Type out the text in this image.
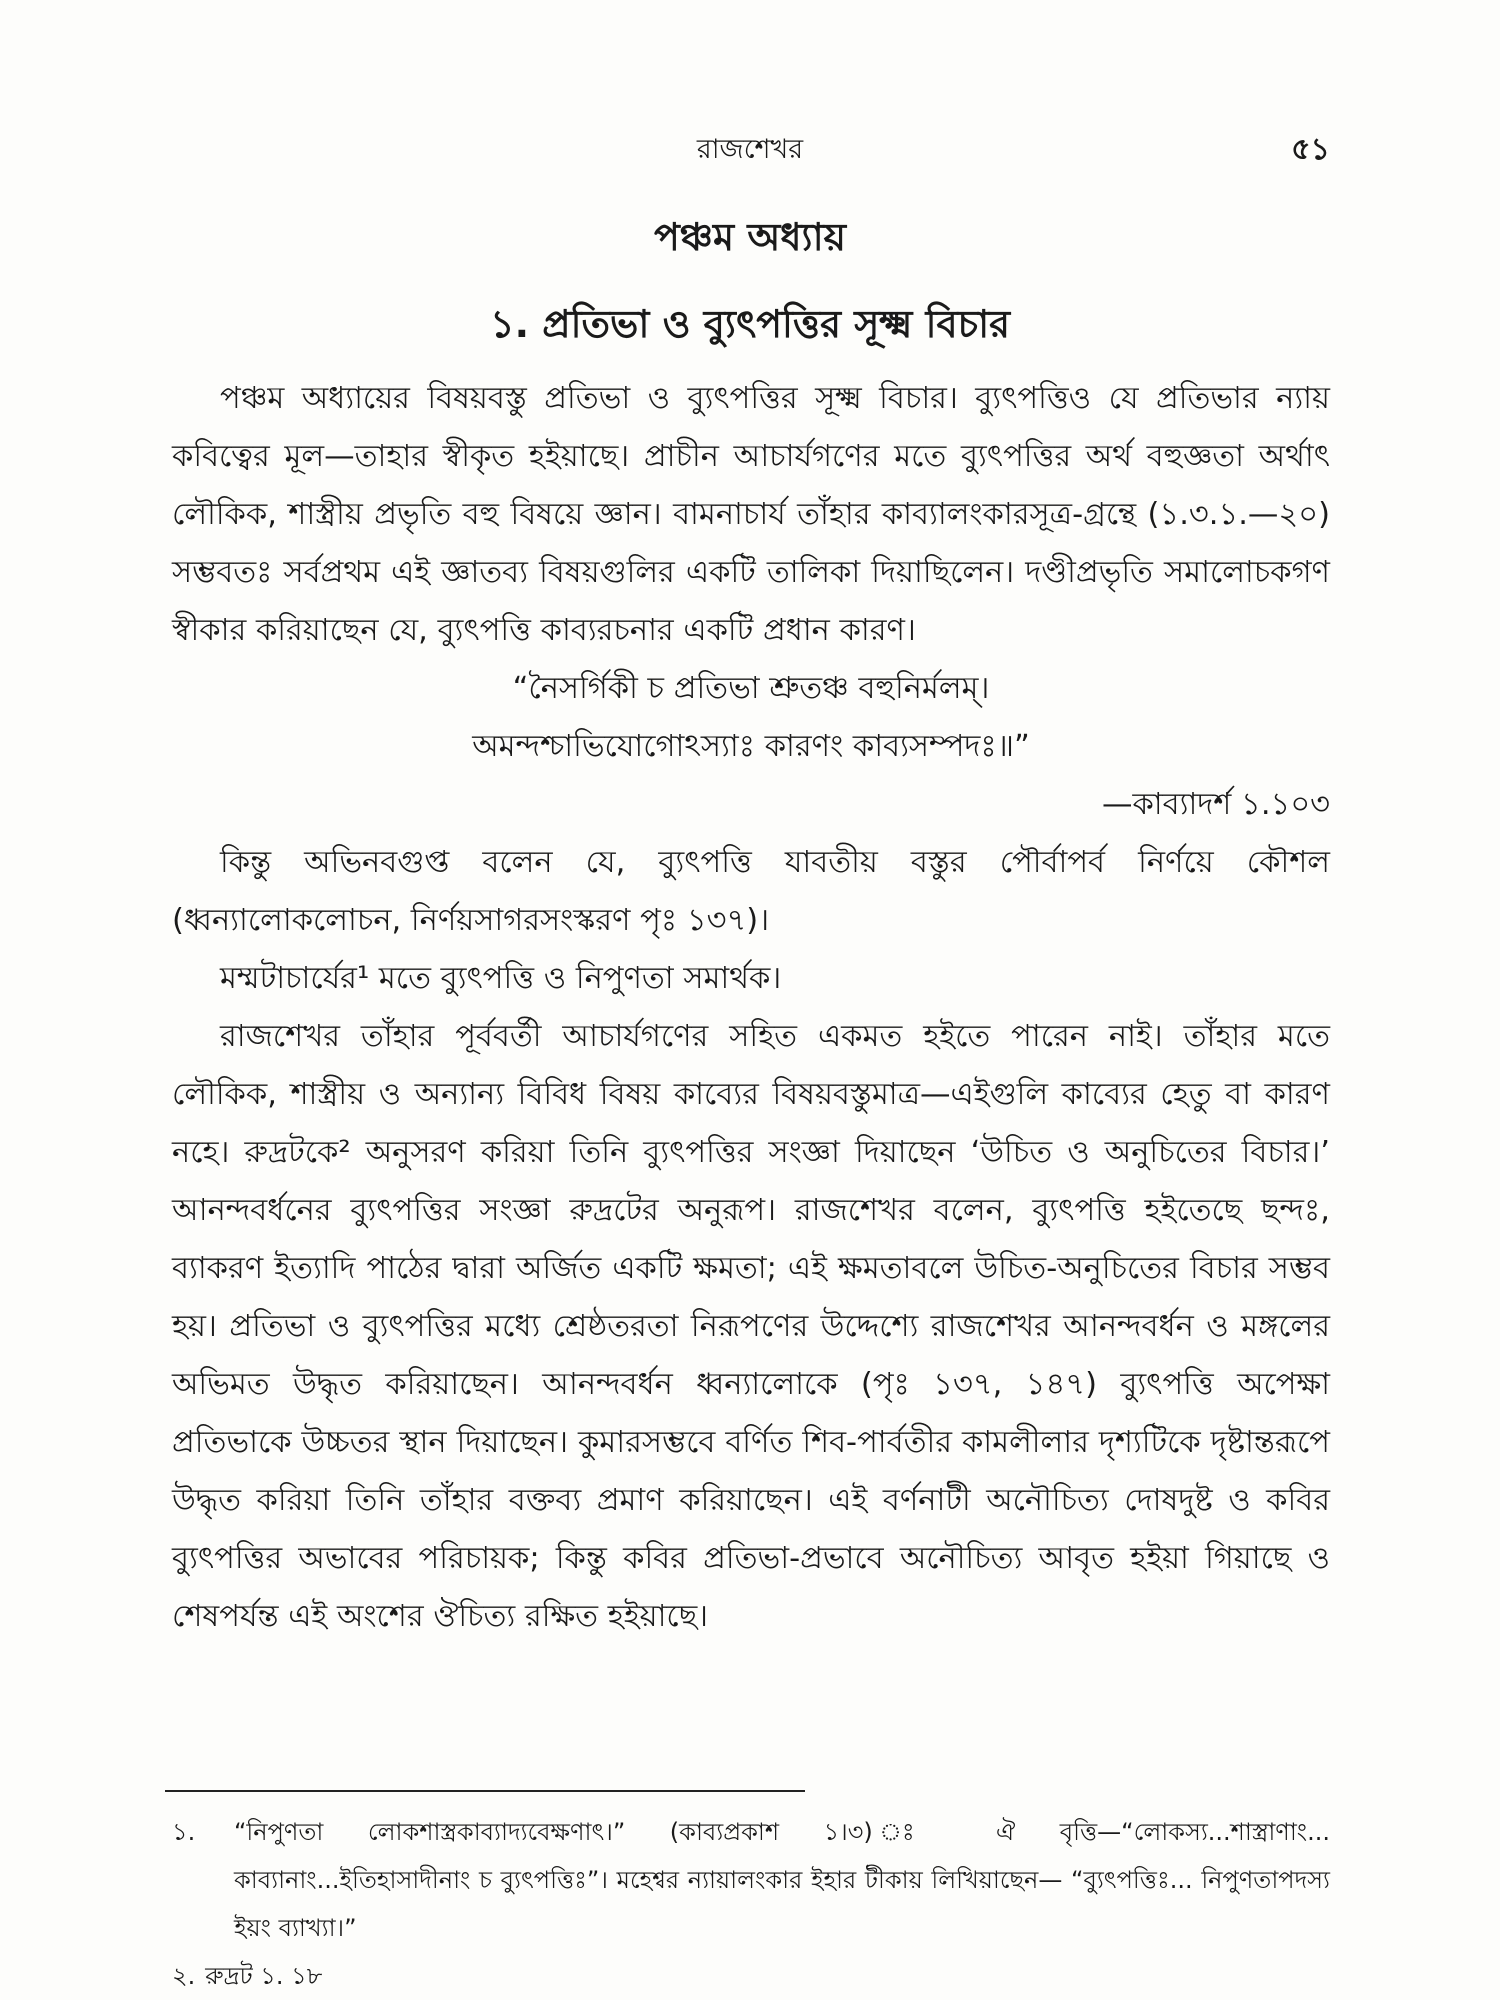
রাজশেখর	৫১
পঞ্চম অধ্যায়
১. প্রতিভা ও ব্যুৎপত্তির সূক্ষ্ম বিচার

পঞ্চম অধ্যায়ের বিষয়বস্তু প্রতিভা ও ব্যুৎপত্তির সূক্ষ্ম বিচার। ব্যুৎপত্তিও যে প্রতিভার ন্যায় কবিত্বের মূল—তাহার স্বীকৃত হইয়াছে। প্রাচীন আচার্যগণের মতে ব্যুৎপত্তির অর্থ বহুজ্ঞতা অর্থাৎ লৌকিক, শাস্ত্রীয় প্রভৃতি বহু বিষয়ে জ্ঞান। বামনাচার্য তাঁহার কাব্যালংকারসূত্র-গ্রন্থে (১.৩.১.—২০) সম্ভবতঃ সর্বপ্রথম এই জ্ঞাতব্য বিষয়গুলির একটি তালিকা দিয়াছিলেন। দণ্ডীপ্রভৃতি সমালোচকগণ স্বীকার করিয়াছেন যে, ব্যুৎপত্তি কাব্যরচনার একটি প্রধান কারণ।

“নৈসর্গিকী চ প্রতিভা শ্রুতঞ্চ বহুনির্মলম্।

অমন্দশ্চাভিযোগোঽস্যাঃ কারণং কাব্যসম্পদঃ॥”

—কাব্যাদর্শ ১.১০৩

কিন্তু অভিনবগুপ্ত বলেন যে, ব্যুৎপত্তি যাবতীয় বস্তুর পৌর্বাপর্ব নির্ণয়ে কৌশল (ধ্বন্যালোকলোচন, নির্ণয়সাগরসংস্করণ পৃঃ ১৩৭)।

মম্মটাচার্যের¹ মতে ব্যুৎপত্তি ও নিপুণতা সমার্থক।

রাজশেখর তাঁহার পূর্ববর্তী আচার্যগণের সহিত একমত হইতে পারেন নাই। তাঁহার মতে লৌকিক, শাস্ত্রীয় ও অন্যান্য বিবিধ বিষয় কাব্যের বিষয়বস্তুমাত্র—এইগুলি কাব্যের হেতু বা কারণ নহে। রুদ্রটকে² অনুসরণ করিয়া তিনি ব্যুৎপত্তির সংজ্ঞা দিয়াছেন ‘উচিত ও অনুচিতের বিচার।’ আনন্দবর্ধনের ব্যুৎপত্তির সংজ্ঞা রুদ্রটের অনুরূপ। রাজশেখর বলেন, ব্যুৎপত্তি হইতেছে ছন্দঃ, ব্যাকরণ ইত্যাদি পাঠের দ্বারা অর্জিত একটি ক্ষমতা; এই ক্ষমতাবলে উচিত-অনুচিতের বিচার সম্ভব হয়। প্রতিভা ও ব্যুৎপত্তির মধ্যে শ্রেষ্ঠতরতা নিরূপণের উদ্দেশ্যে রাজশেখর আনন্দবর্ধন ও মঙ্গলের অভিমত উদ্ধৃত করিয়াছেন। আনন্দবর্ধন ধ্বন্যালোকে (পৃঃ ১৩৭, ১৪৭) ব্যুৎপত্তি অপেক্ষা প্রতিভাকে উচ্চতর স্থান দিয়াছেন। কুমারসম্ভবে বর্ণিত শিব-পার্বতীর কামলীলার দৃশ্যটিকে দৃষ্টান্তরূপে উদ্ধৃত করিয়া তিনি তাঁহার বক্তব্য প্রমাণ করিয়াছেন। এই বর্ণনাটী অনৌচিত্য দোষদুষ্ট ও কবির ব্যুৎপত্তির অভাবের পরিচায়ক; কিন্তু কবির প্রতিভা-প্রভাবে অনৌচিত্য আবৃত হইয়া গিয়াছে ও শেষপর্যন্ত এই অংশের ঔচিত্য রক্ষিত হইয়াছে।

১.	“নিপুণতা লোকশাস্ত্রকাব্যাদ্যবেক্ষণাৎ।” (কাব্যপ্রকাশ ১।৩) ঃ ঐ বৃত্তি—“লোকস্য...শাস্ত্রাণাং... কাব্যানাং...ইতিহাসাদীনাং চ ব্যুৎপত্তিঃ”। মহেশ্বর ন্যায়ালংকার ইহার টীকায় লিখিয়াছেন— “ব্যুৎপত্তিঃ... নিপুণতাপদস্য ইয়ং ব্যাখ্যা।”
২. রুদ্রট ১. ১৮
